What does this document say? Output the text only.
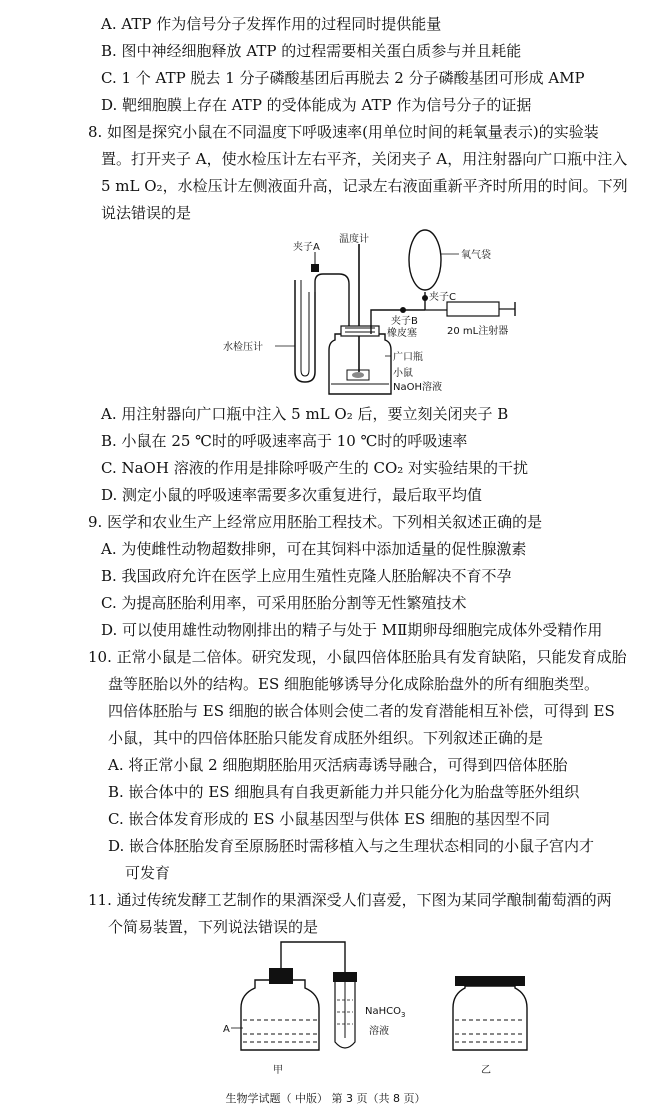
A. ATP 作为信号分子发挥作用的过程同时提供能量
B. 图中神经细胞释放 ATP 的过程需要相关蛋白质参与并且耗能
C. 1 个 ATP 脱去 1 分子磷酸基团后再脱去 2 分子磷酸基团可形成 AMP
D. 靶细胞膜上存在 ATP 的受体能成为 ATP 作为信号分子的证据
8. 如图是探究小鼠在不同温度下呼吸速率(用单位时间的耗氧量表示)的实验装
置。打开夹子 A，使水检压计左右平齐，关闭夹子 A，用注射器向广口瓶中注入
5 mL O₂，水检压计左侧液面升高，记录左右液面重新平齐时所用的时间。下列
说法错误的是
夹子A
温度计
氧气袋
夹子C
20 mL注射器
夹子B
橡皮塞
广口瓶
小鼠
NaOH溶液
水检压计
A. 用注射器向广口瓶中注入 5 mL O₂ 后，要立刻关闭夹子 B
B. 小鼠在 25 ℃时的呼吸速率高于 10 ℃时的呼吸速率
C. NaOH 溶液的作用是排除呼吸产生的 CO₂ 对实验结果的干扰
D. 测定小鼠的呼吸速率需要多次重复进行，最后取平均值
9. 医学和农业生产上经常应用胚胎工程技术。下列相关叙述正确的是
A. 为使雌性动物超数排卵，可在其饲料中添加适量的促性腺激素
B. 我国政府允许在医学上应用生殖性克隆人胚胎解决不育不孕
C. 为提高胚胎利用率，可采用胚胎分割等无性繁殖技术
D. 可以使用雄性动物刚排出的精子与处于 MⅡ期卵母细胞完成体外受精作用
10. 正常小鼠是二倍体。研究发现，小鼠四倍体胚胎具有发育缺陷，只能发育成胎
盘等胚胎以外的结构。ES 细胞能够诱导分化成除胎盘外的所有细胞类型。
四倍体胚胎与 ES 细胞的嵌合体则会使二者的发育潜能相互补偿，可得到 ES
小鼠，其中的四倍体胚胎只能发育成胚外组织。下列叙述正确的是
A. 将正常小鼠 2 细胞期胚胎用灭活病毒诱导融合，可得到四倍体胚胎
B. 嵌合体中的 ES 细胞具有自我更新能力并只能分化为胎盘等胚外组织
C. 嵌合体发育形成的 ES 小鼠基因型与供体 ES 细胞的基因型不同
D. 嵌合体胚胎发育至原肠胚时需移植入与之生理状态相同的小鼠子宫内才
可发育
11. 通过传统发酵工艺制作的果酒深受人们喜爱，下图为某同学酿制葡萄酒的两
个简易装置，下列说法错误的是
A
NaHCO$_3$
溶液
甲	乙
生物学试题（ 中版） 第 3 页（共 8 页）
